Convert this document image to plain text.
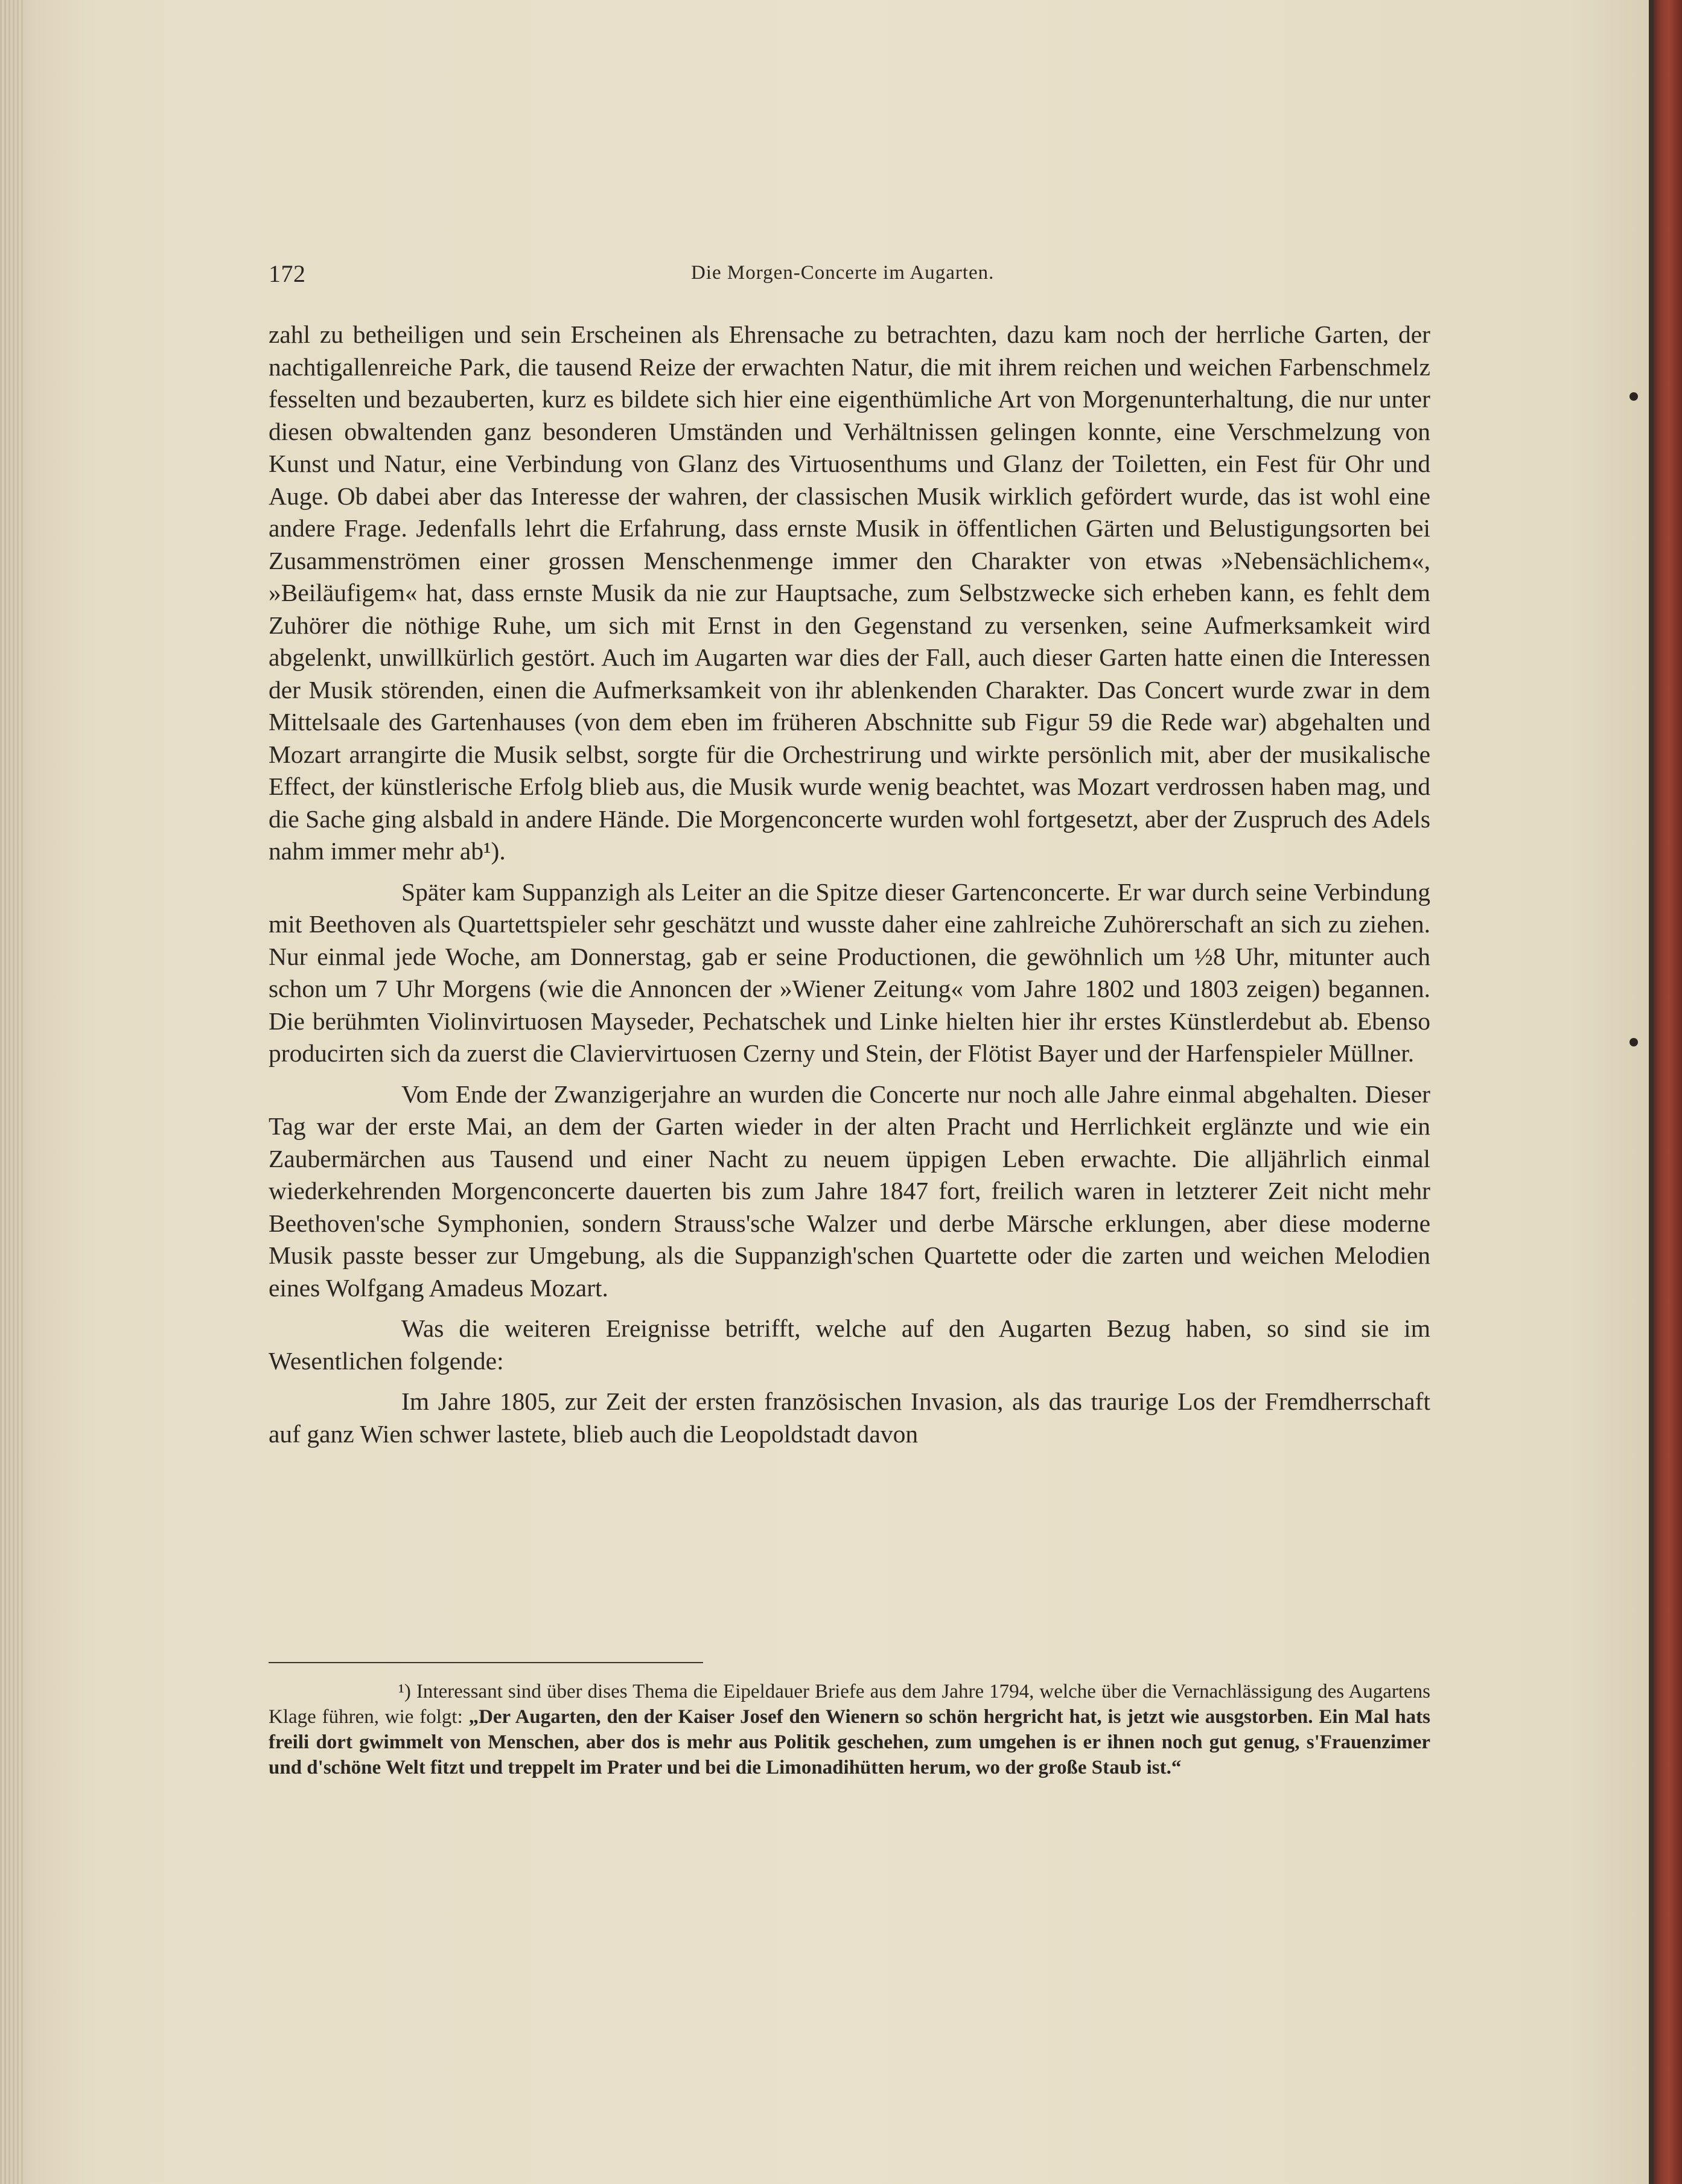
172	Die Morgen-Concerte im Augarten.

zahl zu betheiligen und sein Erscheinen als Ehrensache zu betrachten, dazu kam noch der herrliche Garten, der nachtigallenreiche Park, die tausend Reize der erwachten Natur, die mit ihrem reichen und weichen Farbenschmelz fesselten und bezauberten, kurz es bildete sich hier eine eigenthümliche Art von Morgenunterhaltung, die nur unter diesen obwaltenden ganz besonderen Umständen und Verhältnissen gelingen konnte, eine Verschmelzung von Kunst und Natur, eine Verbindung von Glanz des Virtuosenthums und Glanz der Toiletten, ein Fest für Ohr und Auge. Ob dabei aber das Interesse der wahren, der classischen Musik wirklich gefördert wurde, das ist wohl eine andere Frage. Jedenfalls lehrt die Erfahrung, dass ernste Musik in öffentlichen Gärten und Belustigungsorten bei Zusammenströmen einer grossen Menschenmenge immer den Charakter von etwas »Nebensächlichem«, »Beiläufigem« hat, dass ernste Musik da nie zur Hauptsache, zum Selbstzwecke sich erheben kann, es fehlt dem Zuhörer die nöthige Ruhe, um sich mit Ernst in den Gegenstand zu versenken, seine Aufmerksamkeit wird abgelenkt, unwillkürlich gestört. Auch im Augarten war dies der Fall, auch dieser Garten hatte einen die Interessen der Musik störenden, einen die Aufmerksamkeit von ihr ablenkenden Charakter. Das Concert wurde zwar in dem Mittelsaale des Gartenhauses (von dem eben im früheren Abschnitte sub Figur 59 die Rede war) abgehalten und Mozart arrangirte die Musik selbst, sorgte für die Orchestrirung und wirkte persönlich mit, aber der musikalische Effect, der künstlerische Erfolg blieb aus, die Musik wurde wenig beachtet, was Mozart verdrossen haben mag, und die Sache ging alsbald in andere Hände. Die Morgenconcerte wurden wohl fortgesetzt, aber der Zuspruch des Adels nahm immer mehr ab¹).

Später kam Suppanzigh als Leiter an die Spitze dieser Gartenconcerte. Er war durch seine Verbindung mit Beethoven als Quartettspieler sehr geschätzt und wusste daher eine zahlreiche Zuhörerschaft an sich zu ziehen. Nur einmal jede Woche, am Donnerstag, gab er seine Productionen, die gewöhnlich um ½8 Uhr, mitunter auch schon um 7 Uhr Morgens (wie die Annoncen der »Wiener Zeitung« vom Jahre 1802 und 1803 zeigen) begannen. Die berühmten Violinvirtuosen Mayseder, Pechatschek und Linke hielten hier ihr erstes Künstlerdebut ab. Ebenso producirten sich da zuerst die Claviervirtuosen Czerny und Stein, der Flötist Bayer und der Harfenspieler Müllner.

Vom Ende der Zwanzigerjahre an wurden die Concerte nur noch alle Jahre einmal abgehalten. Dieser Tag war der erste Mai, an dem der Garten wieder in der alten Pracht und Herrlichkeit erglänzte und wie ein Zaubermärchen aus Tausend und einer Nacht zu neuem üppigen Leben erwachte. Die alljährlich einmal wiederkehrenden Morgenconcerte dauerten bis zum Jahre 1847 fort, freilich waren in letzterer Zeit nicht mehr Beethoven'sche Symphonien, sondern Strauss'sche Walzer und derbe Märsche erklungen, aber diese moderne Musik passte besser zur Umgebung, als die Suppanzigh'schen Quartette oder die zarten und weichen Melodien eines Wolfgang Amadeus Mozart.

Was die weiteren Ereignisse betrifft, welche auf den Augarten Bezug haben, so sind sie im Wesentlichen folgende:

Im Jahre 1805, zur Zeit der ersten französischen Invasion, als das traurige Los der Fremdherrschaft auf ganz Wien schwer lastete, blieb auch die Leopoldstadt davon

¹) Interessant sind über dises Thema die Eipeldauer Briefe aus dem Jahre 1794, welche über die Vernachlässigung des Augartens Klage führen, wie folgt: „Der Augarten, den der Kaiser Josef den Wienern so schön hergricht hat, is jetzt wie ausgstorben. Ein Mal hats freili dort gwimmelt von Menschen, aber dos is mehr aus Politik geschehen, zum umgehen is er ihnen noch gut genug, s'Frauenzimer und d'schöne Welt fitzt und treppelt im Prater und bei die Limonadihütten herum, wo der große Staub ist.“
